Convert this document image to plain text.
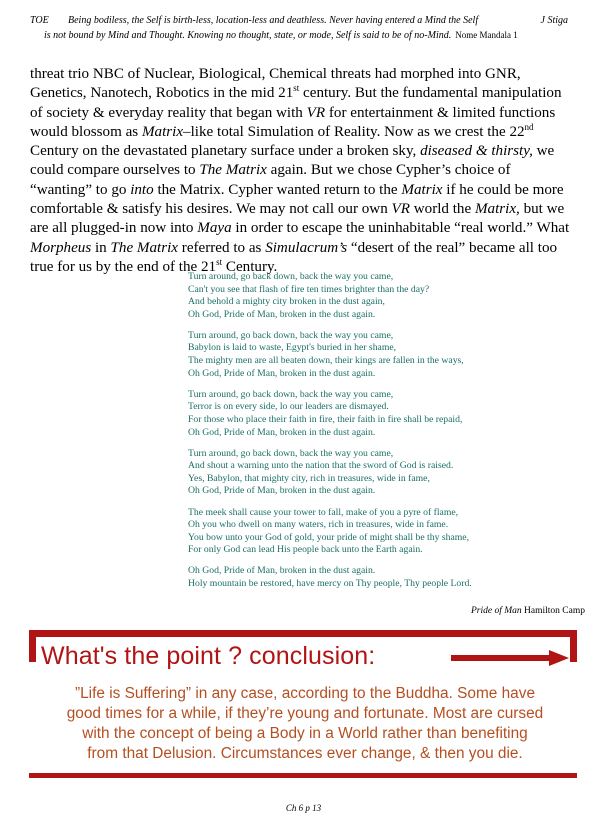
TOE Being bodiless, the Self is birth-less, location-less and deathless. Never having entered a Mind the Self	J Stiga
is not bound by Mind and Thought. Knowing no thought, state, or mode, Self is said to be of no-Mind. Nome Mandala 1

threat trio NBC of Nuclear, Biological, Chemical threats had morphed into GNR,

Genetics, Nanotech, Robotics in the mid 21st century. But the fundamental manipulation

of society & everyday reality that began with VR for entertainment & limited functions

would blossom as Matrix–like total Simulation of Reality. Now as we crest the 22nd

Century on the devastated planetary surface under a broken sky, diseased & thirsty, we

could compare ourselves to The Matrix again. But we chose Cypher’s choice of

“wanting” to go into the Matrix. Cypher wanted return to the Matrix if he could be more

comfortable & satisfy his desires. We may not call our own VR world the Matrix, but we

are all plugged-in now into Maya in order to escape the uninhabitable “real world.” What

Morpheus in The Matrix referred to as Simulacrum’s “desert of the real” became all too

true for us by the end of the 21st Century.

Turn around, go back down, back the way you came,
Can't you see that flash of fire ten times brighter than the day?
And behold a mighty city broken in the dust again,
Oh God, Pride of Man, broken in the dust again.
Turn around, go back down, back the way you came,
Babylon is laid to waste, Egypt's buried in her shame,
The mighty men are all beaten down, their kings are fallen in the ways,
Oh God, Pride of Man, broken in the dust again.
Turn around, go back down, back the way you came,
Terror is on every side, lo our leaders are dismayed.
For those who place their faith in fire, their faith in fire shall be repaid,
Oh God, Pride of Man, broken in the dust again.
Turn around, go back down, back the way you came,
And shout a warning unto the nation that the sword of God is raised.
Yes, Babylon, that mighty city, rich in treasures, wide in fame,
Oh God, Pride of Man, broken in the dust again.
The meek shall cause your tower to fall, make of you a pyre of flame,
Oh you who dwell on many waters, rich in treasures, wide in fame.
You bow unto your God of gold, your pride of might shall be thy shame,
For only God can lead His people back unto the Earth again.
Oh God, Pride of Man, broken in the dust again.
Holy mountain be restored, have mercy on Thy people, Thy people Lord.
Pride of Man Hamilton Camp
What's the point ? conclusion:
”Life is Suffering” in any case, according to the Buddha. Some have
good times for a while, if they’re young and fortunate. Most are cursed
with the concept of being a Body in a World rather than benefiting
from that Delusion. Circumstances ever change, & then you die.
Ch 6 p 13
